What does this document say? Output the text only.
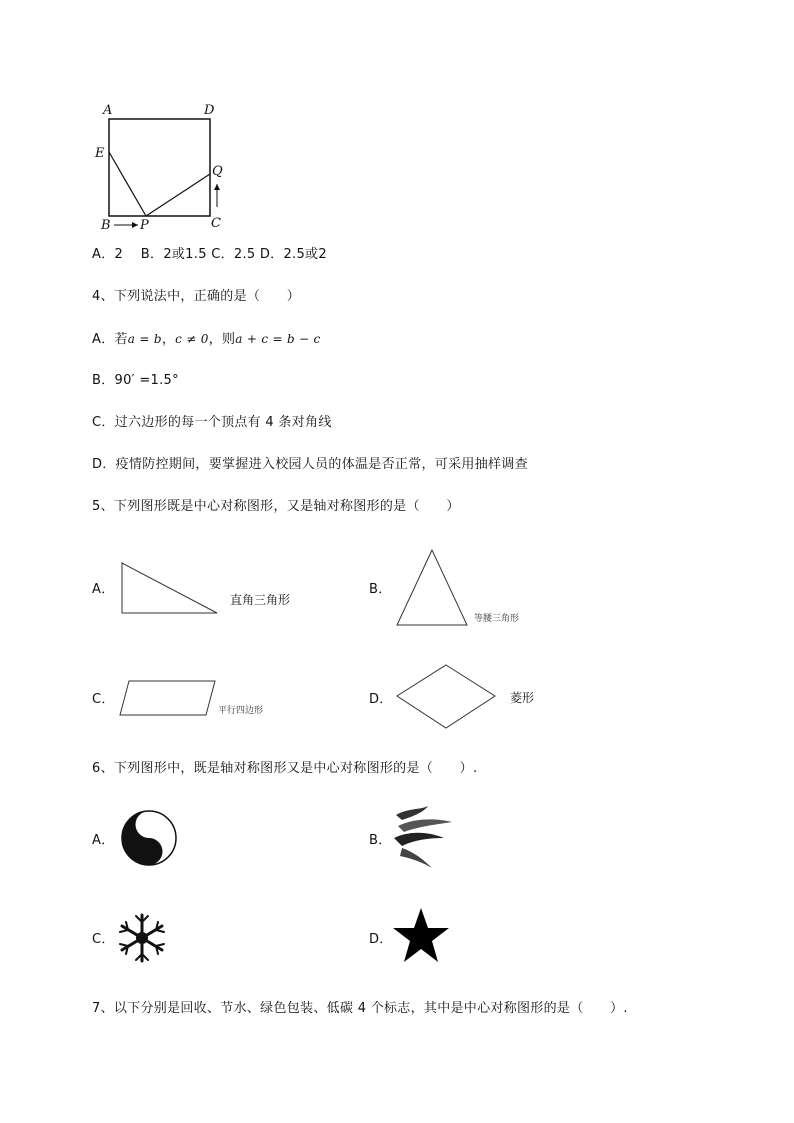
A	D
E
Q
B P	C
A．2　 B．2或1.5 C．2.5 D．2.5或2
4、下列说法中，正确的是（　　）
A．若a = b，c ≠ 0，则a + c = b − c
B．90′ =1.5°
C．过六边形的每一个顶点有 4 条对角线
D．疫情防控期间，要掌握进入校园人员的体温是否正常，可采用抽样调查
5、下列图形既是中心对称图形，又是轴对称图形的是（　　）
A．
直角三角形
B．
等腰三角形
C．
平行四边形
D．	菱形
6、下列图形中，既是轴对称图形又是中心对称图形的是（　　）.
A．	B．
C．	D．
7、以下分别是回收、节水、绿色包装、低碳 4 个标志，其中是中心对称图形的是（　　）.
